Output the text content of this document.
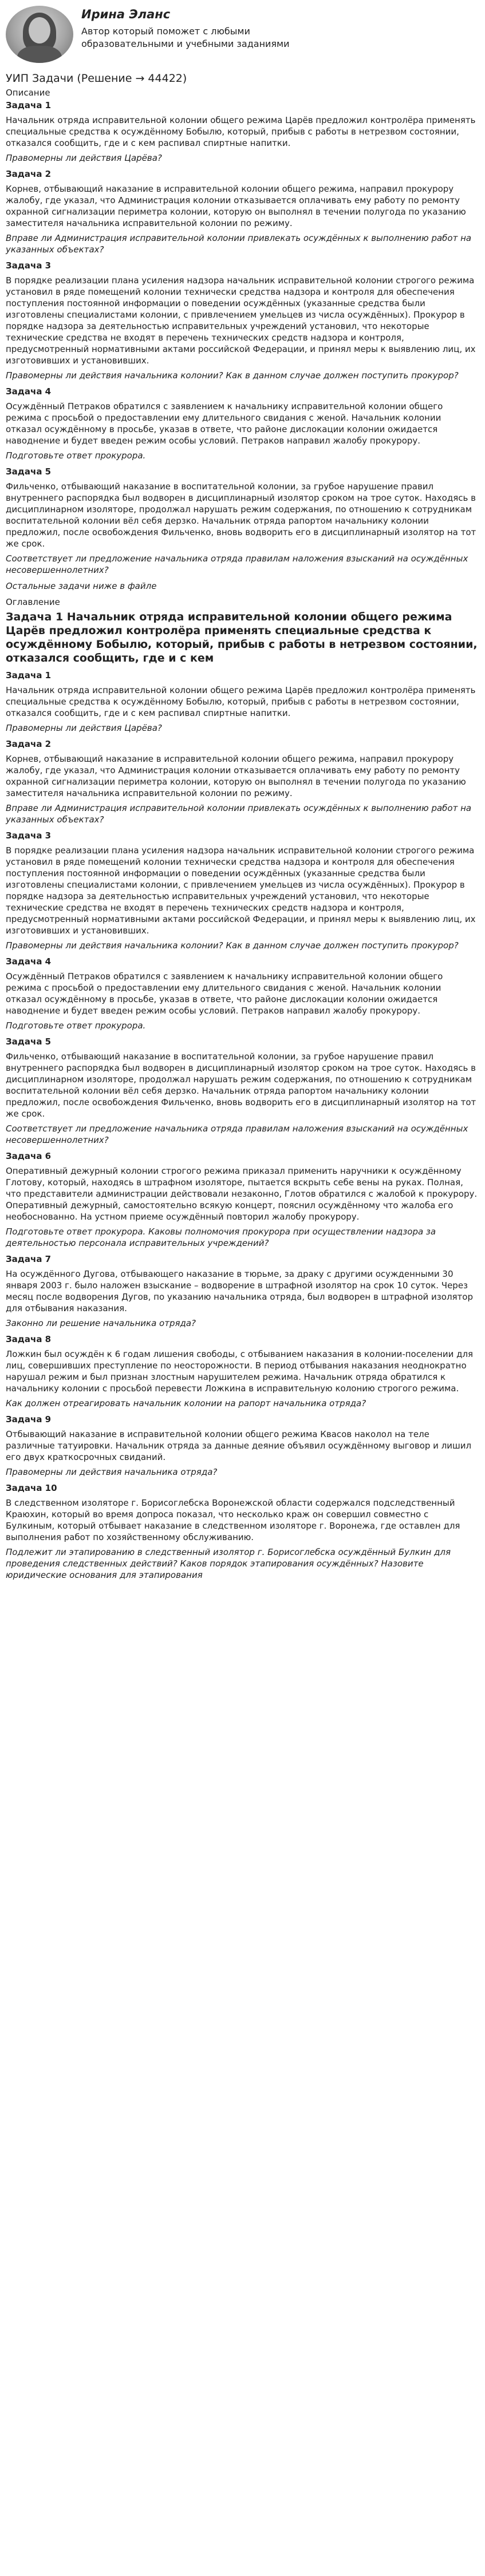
Ирина Эланс
Автор который поможет с любыми образовательными и учебными заданиями
УИП Задачи (Решение → 44422)
Описание
Задача 1
Начальник отряда исправительной колонии общего режима Царёв предложил контролёра применять специальные средства к осуждённому Бобылю, который, прибыв с работы в нетрезвом состоянии, отказался сообщить, где и с кем распивал спиртные напитки.
Правомерны ли действия Царёва?
Задача 2
Корнев, отбывающий наказание в исправительной колонии общего режима, направил прокурору жалобу, где указал, что Администрация колонии отказывается оплачивать ему работу по ремонту охранной сигнализации периметра колонии, которую он выполнял в течении полугода по указанию заместителя начальника исправительной колонии по режиму.
Вправе ли Администрация исправительной колонии привлекать осуждённых к выполнению работ на указанных объектах?
Задача 3
В порядке реализации плана усиления надзора начальник исправительной колонии строгого режима установил в ряде помещений колонии технически средства надзора и контроля для обеспечения поступления постоянной информации о поведении осуждённых (указанные средства были изготовлены специалистами колонии, с привлечением умельцев из числа осуждённых). Прокурор в порядке надзора за деятельностью исправительных учреждений установил, что некоторые технические средства не входят в перечень технических средств надзора и контроля, предусмотренный нормативными актами российской Федерации, и принял меры к выявлению лиц, их изготовивших и установивших.
Правомерны ли действия начальника колонии? Как в данном случае должен поступить прокурор?
Задача 4
Осуждённый Петраков обратился с заявлением к начальнику исправительной колонии общего режима с просьбой о предоставлении ему длительного свидания с женой. Начальник колонии отказал осуждённому в просьбе, указав в ответе, что районе дислокации колонии ожидается наводнение и будет введен режим особы условий. Петраков направил жалобу прокурору.
Подготовьте ответ прокурора.
Задача 5
Фильченко, отбывающий наказание в воспитательной колонии, за грубое нарушение правил внутреннего распорядка был водворен в дисциплинарный изолятор сроком на трое суток. Находясь в дисциплинарном изоляторе, продолжал нарушать режим содержания, по отношению к сотрудникам воспитательной колонии вёл себя дерзко. Начальник отряда рапортом начальнику колонии предложил, после освобождения Фильченко, вновь водворить его в дисциплинарный изолятор на тот же срок.
Соответствует ли предложение начальника отряда правилам наложения взысканий на осуждённых несовершеннолетних?
Остальные задачи ниже в файле
Оглавление
Задача 1 Начальник отряда исправительной колонии общего режима Царёв предложил контролёра применять специальные средства к осуждённому Бобылю, который, прибыв с работы в нетрезвом состоянии, отказался сообщить, где и с кем
Задача 1
Начальник отряда исправительной колонии общего режима Царёв предложил контролёра применять специальные средства к осуждённому Бобылю, который, прибыв с работы в нетрезвом состоянии, отказался сообщить, где и с кем распивал спиртные напитки.
Правомерны ли действия Царёва?
Задача 2
Корнев, отбывающий наказание в исправительной колонии общего режима, направил прокурору жалобу, где указал, что Администрация колонии отказывается оплачивать ему работу по ремонту охранной сигнализации периметра колонии, которую он выполнял в течении полугода по указанию заместителя начальника исправительной колонии по режиму.
Вправе ли Администрация исправительной колонии привлекать осуждённых к выполнению работ на указанных объектах?
Задача 3
В порядке реализации плана усиления надзора начальник исправительной колонии строгого режима установил в ряде помещений колонии технически средства надзора и контроля для обеспечения поступления постоянной информации о поведении осуждённых (указанные средства были изготовлены специалистами колонии, с привлечением умельцев из числа осуждённых). Прокурор в порядке надзора за деятельностью исправительных учреждений установил, что некоторые технические средства не входят в перечень технических средств надзора и контроля, предусмотренный нормативными актами российской Федерации, и принял меры к выявлению лиц, их изготовивших и установивших.
Правомерны ли действия начальника колонии? Как в данном случае должен поступить прокурор?
Задача 4
Осуждённый Петраков обратился с заявлением к начальнику исправительной колонии общего режима с просьбой о предоставлении ему длительного свидания с женой. Начальник колонии отказал осуждённому в просьбе, указав в ответе, что районе дислокации колонии ожидается наводнение и будет введен режим особы условий. Петраков направил жалобу прокурору.
Подготовьте ответ прокурора.
Задача 5
Фильченко, отбывающий наказание в воспитательной колонии, за грубое нарушение правил внутреннего распорядка был водворен в дисциплинарный изолятор сроком на трое суток. Находясь в дисциплинарном изоляторе, продолжал нарушать режим содержания, по отношению к сотрудникам воспитательной колонии вёл себя дерзко. Начальник отряда рапортом начальнику колонии предложил, после освобождения Фильченко, вновь водворить его в дисциплинарный изолятор на тот же срок.
Соответствует ли предложение начальника отряда правилам наложения взысканий на осуждённых несовершеннолетних?
Задача 6
Оперативный дежурный колонии строгого режима приказал применить наручники к осуждённому Глотову, который, находясь в штрафном изоляторе, пытается вскрыть себе вены на руках. Полная, что представители администрации действовали незаконно, Глотов обратился с жалобой к прокурору. Оперативный дежурный, самостоятельно всякую концерт, пояснил осуждённому что жалоба его необоснованно. На устном приеме осуждённый повторил жалобу прокурору.
Подготовьте ответ прокурора. Каковы полномочия прокурора при осуществлении надзора за деятельностью персонала исправительных учреждений?
Задача 7
На осуждённого Дугова, отбывающего наказание в тюрьме, за драку с другими осужденными 30 января 2003 г. было наложен взыскание – водворение в штрафной изолятор на срок 10 суток. Через месяц после водворения Дугов, по указанию начальника отряда, был водворен в штрафной изолятор для отбывания наказания.
Законно ли решение начальника отряда?
Задача 8
Ложкин был осуждён к 6 годам лишения свободы, с отбыванием наказания в колонии-поселении для лиц, совершивших преступление по неосторожности. В период отбывания наказания неоднократно нарушал режим и был признан злостным нарушителем режима. Начальник отряда обратился к начальнику колонии с просьбой перевести Ложкина в исправительную колонию строгого режима.
Как должен отреагировать начальник колонии на рапорт начальника отряда?
Задача 9
Отбывающий наказание в исправительной колонии общего режима Квасов наколол на теле различные татуировки. Начальник отряда за данные деяние объявил осуждённому выговор и лишил его двух краткосрочных свиданий.
Правомерны ли действия начальника отряда?
Задача 10
В следственном изоляторе г. Борисоглебска Воронежской области содержался подследственный Краюхин, который во время допроса показал, что несколько краж он совершил совместно с Булкиным, который отбывает наказание в следственном изоляторе г. Воронежа, где оставлен для выполнения работ по хозяйственному обслуживанию.
Подлежит ли этапированию в следственный изолятор г. Борисоглебска осуждённый Булкин для проведения следственных действий? Каков порядок этапирования осуждённых? Назовите юридические основания для этапирования
